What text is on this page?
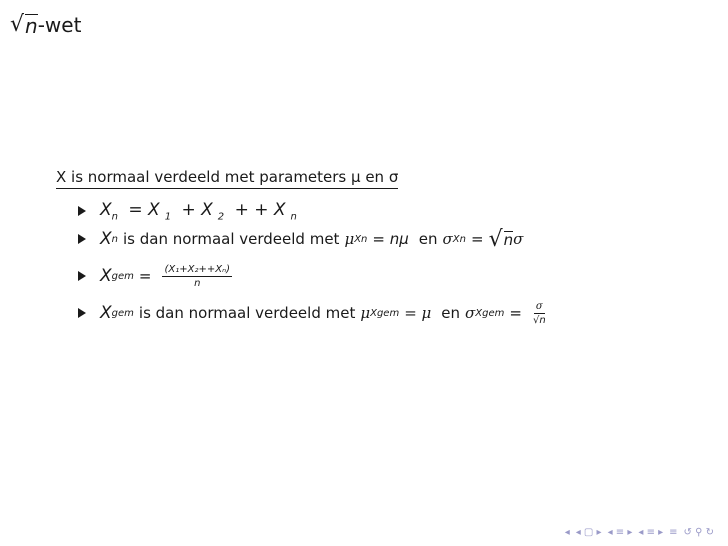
√ n -wet
X is normaal verdeeld met parameters μ en σ
$X_n = X$ $_1$ + X $_2$ + + X $_n$
X n is dan normaal verdeeld met μ Xn = nμ en σ Xn = √ n σ
X gem = $\frac{\text{(X₁+X₂++Xₙ)}}{n}$
X gem is dan normaal verdeeld met μ Xgem = μ en σ Xgem = $\frac{\sigma}{√n}$
◂ ◂ ▢ ▸ ◂ ≡ ▸ ◂ ≡ ▸ ≡ ↺ ⚲ ↻
